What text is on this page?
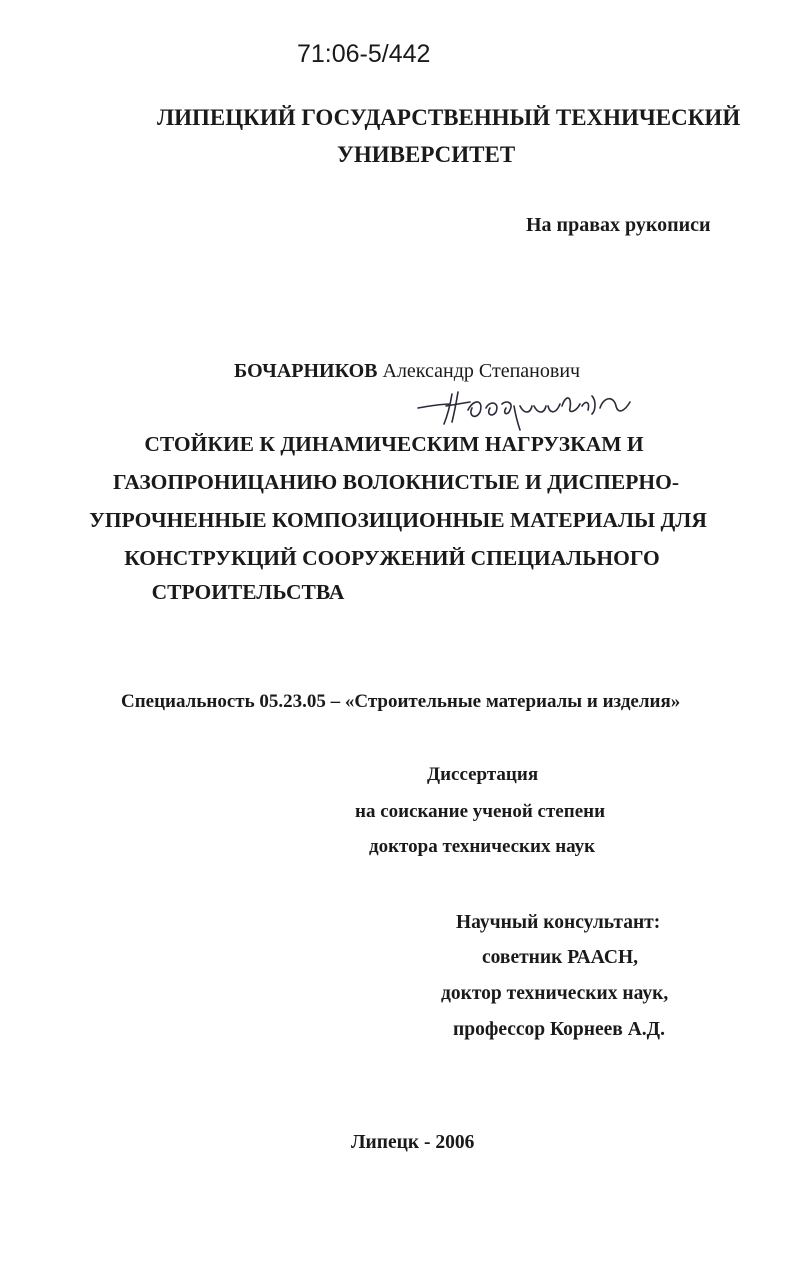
71:06-5/442
ЛИПЕЦКИЙ ГОСУДАРСТВЕННЫЙ ТЕХНИЧЕСКИЙ
УНИВЕРСИТЕТ
На правах рукописи
БОЧАРНИКОВ Александр Степанович
СТОЙКИЕ К ДИНАМИЧЕСКИМ НАГРУЗКАМ И
ГАЗОПРОНИЦАНИЮ ВОЛОКНИСТЫЕ И ДИСПЕРНО-
УПРОЧНЕННЫЕ КОМПОЗИЦИОННЫЕ МАТЕРИАЛЫ ДЛЯ
КОНСТРУКЦИЙ СООРУЖЕНИЙ СПЕЦИАЛЬНОГО
СТРОИТЕЛЬСТВА
Специальность 05.23.05 – «Строительные материалы и изделия»
Диссертация
на соискание ученой степени
доктора технических наук
Научный консультант:
советник РААСН,
доктор технических наук,
профессор Корнеев А.Д.
Липецк - 2006
